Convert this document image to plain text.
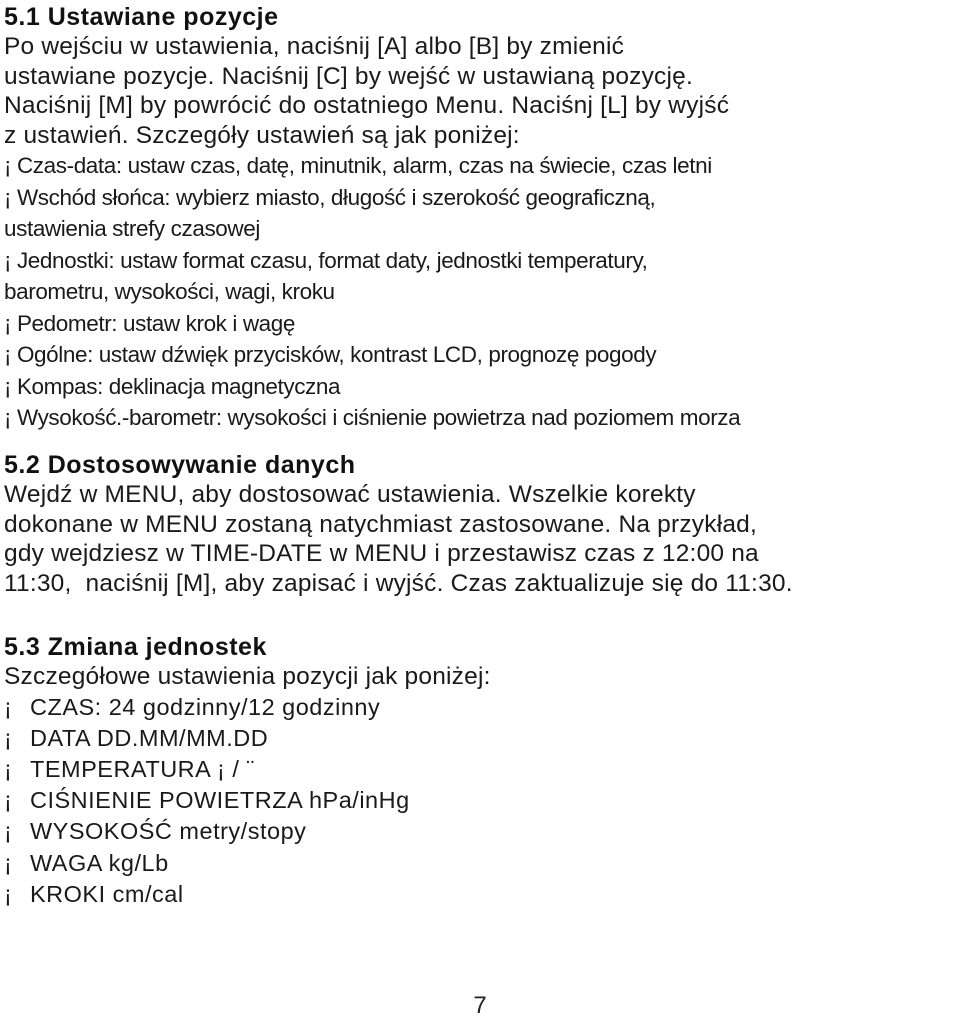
5.1 Ustawiane pozycje

Po wejściu w ustawienia, naciśnij [A] albo [B] by zmienić
ustawiane pozycje. Naciśnij [C] by wejść w ustawianą pozycję.
Naciśnij [M] by powrócić do ostatniego Menu. Naciśnj [L] by wyjść
z ustawień. Szczegóły ustawień są jak poniżej:

¡ Czas-data: ustaw czas, datę, minutnik, alarm, czas na świecie, czas letni

¡ Wschód słońca: wybierz miasto, długość i szerokość geograficzną,
ustawienia strefy czasowej

¡ Jednostki: ustaw format czasu, format daty, jednostki temperatury,
barometru, wysokości, wagi, kroku

¡ Pedometr: ustaw krok i wagę

¡ Ogólne: ustaw dźwięk przycisków, kontrast LCD, prognozę pogody

¡ Kompas: deklinacja magnetyczna

¡ Wysokość.-barometr: wysokości i ciśnienie powietrza nad poziomem morza

5.2 Dostosowywanie danych

Wejdź w MENU, aby dostosować ustawienia. Wszelkie korekty
dokonane w MENU zostaną natychmiast zastosowane. Na przykład,
gdy wejdziesz w TIME-DATE w MENU i przestawisz czas z 12:00 na
11:30,  naciśnij [M], aby zapisać i wyjść. Czas zaktualizuje się do 11:30.

5.3 Zmiana jednostek

Szczegółowe ustawienia pozycji jak poniżej:

¡ CZAS: 24 godzinny/12 godzinny

¡ DATA DD.MM/MM.DD

¡ TEMPERATURA ¡ / ¨

¡ CIŚNIENIE POWIETRZA hPa/inHg

¡ WYSOKOŚĆ metry/stopy

¡ WAGA kg/Lb

¡ KROKI cm/cal

7
